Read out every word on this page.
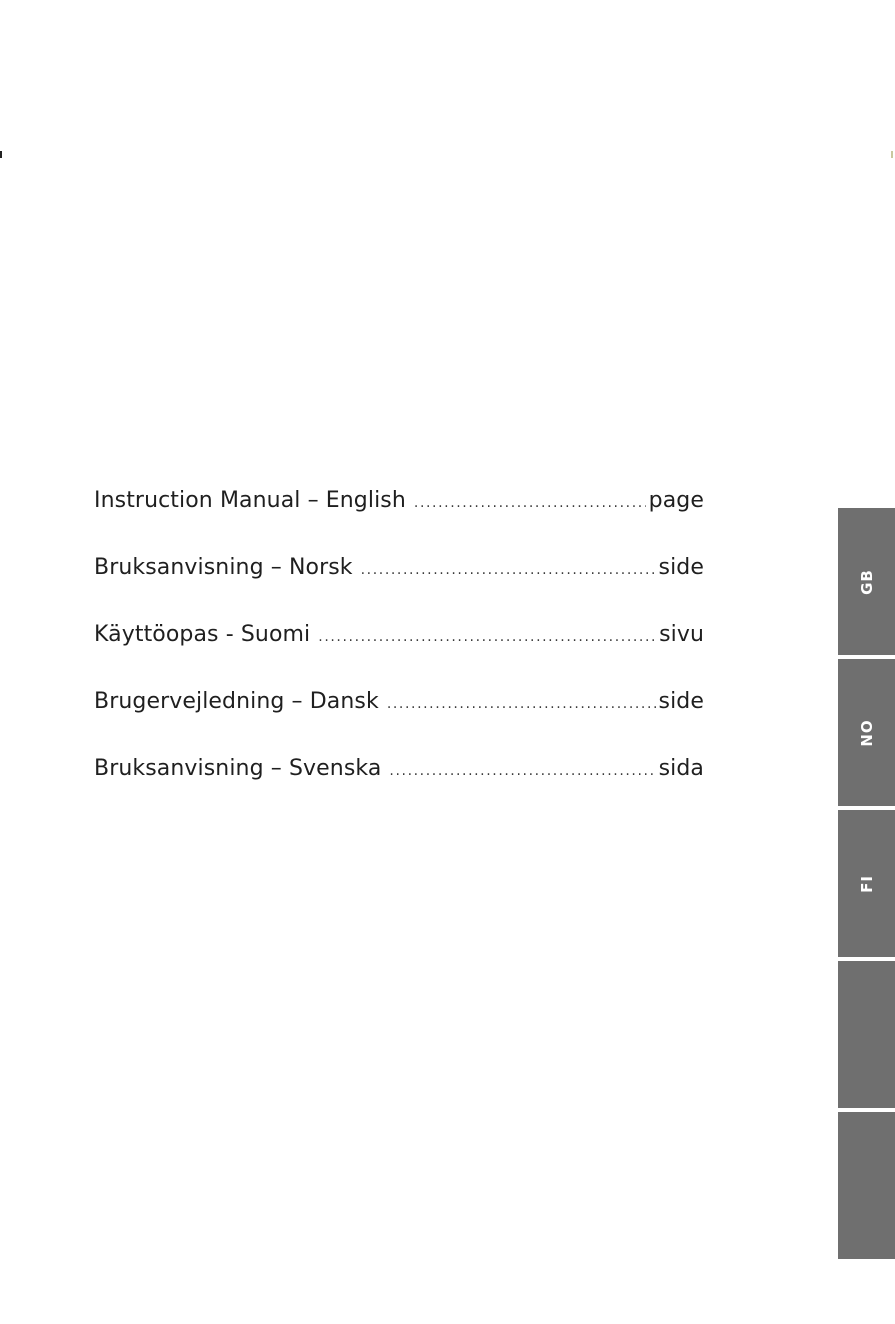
Instruction Manual – English .....	page
Bruksanvisning – Norsk .....	side
Käyttöopas - Suomi .....	sivu
Brugervejledning – Dansk .....	side
Bruksanvisning – Svenska .....	sida
GB
NO
FI
